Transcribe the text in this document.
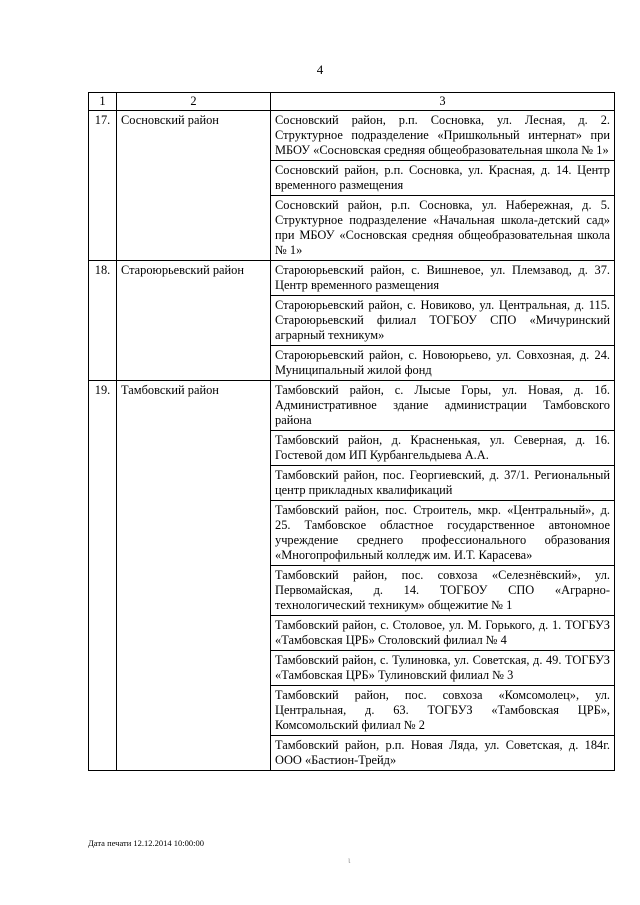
4
1	2	3
17.	Сосновский район	Сосновский район, р.п. Сосновка, ул. Лесная, д. 2. Структурное подразделение «Пришкольный интернат» при МБОУ «Сосновская средняя общеобразовательная школа № 1»
		Сосновский район, р.п. Сосновка, ул. Красная, д. 14. Центр временного размещения
		Сосновский район, р.п. Сосновка, ул. Набережная, д. 5. Структурное подразделение «Начальная школа-детский сад» при МБОУ «Сосновская средняя общеобразовательная школа № 1»
18.	Староюрьевский район	Староюрьевский район, с. Вишневое, ул. Племзавод, д. 37. Центр временного размещения
		Староюрьевский район, с. Новиково, ул. Центральная, д. 115. Староюрьевский филиал ТОГБОУ СПО «Мичуринский аграрный техникум»
		Староюрьевский район, с. Новоюрьево, ул. Совхозная, д. 24. Муниципальный жилой фонд
19.	Тамбовский район	Тамбовский район, с. Лысые Горы, ул. Новая, д. 1б. Административное здание администрации Тамбовского района
		Тамбовский район, д. Красненькая, ул. Северная, д. 16. Гостевой дом ИП Курбангельдыева А.А.
		Тамбовский район, пос. Георгиевский, д. 37/1. Региональный центр прикладных квалификаций
		Тамбовский район, пос. Строитель, мкр. «Центральный», д. 25. Тамбовское областное государственное автономное учреждение среднего профессионального образования «Многопрофильный колледж им. И.Т. Карасева»
		Тамбовский район, пос. совхоза «Селезнёвский», ул. Первомайская, д. 14. ТОГБОУ СПО «Аграрно-технологический техникум» общежитие № 1
		Тамбовский район, с. Столовое, ул. М. Горького, д. 1. ТОГБУЗ «Тамбовская ЦРБ» Столовский филиал № 4
		Тамбовский район, с. Тулиновка, ул. Советская, д. 49. ТОГБУЗ «Тамбовская ЦРБ» Тулиновский филиал № 3
		Тамбовский район, пос. совхоза «Комсомолец», ул. Центральная, д. 63. ТОГБУЗ «Тамбовская ЦРБ», Комсомольский филиал № 2
		Тамбовский район, р.п. Новая Ляда, ул. Советская, д. 184г. ООО «Бастион-Трейд»
Дата печати 12.12.2014 10:00:00
ι
